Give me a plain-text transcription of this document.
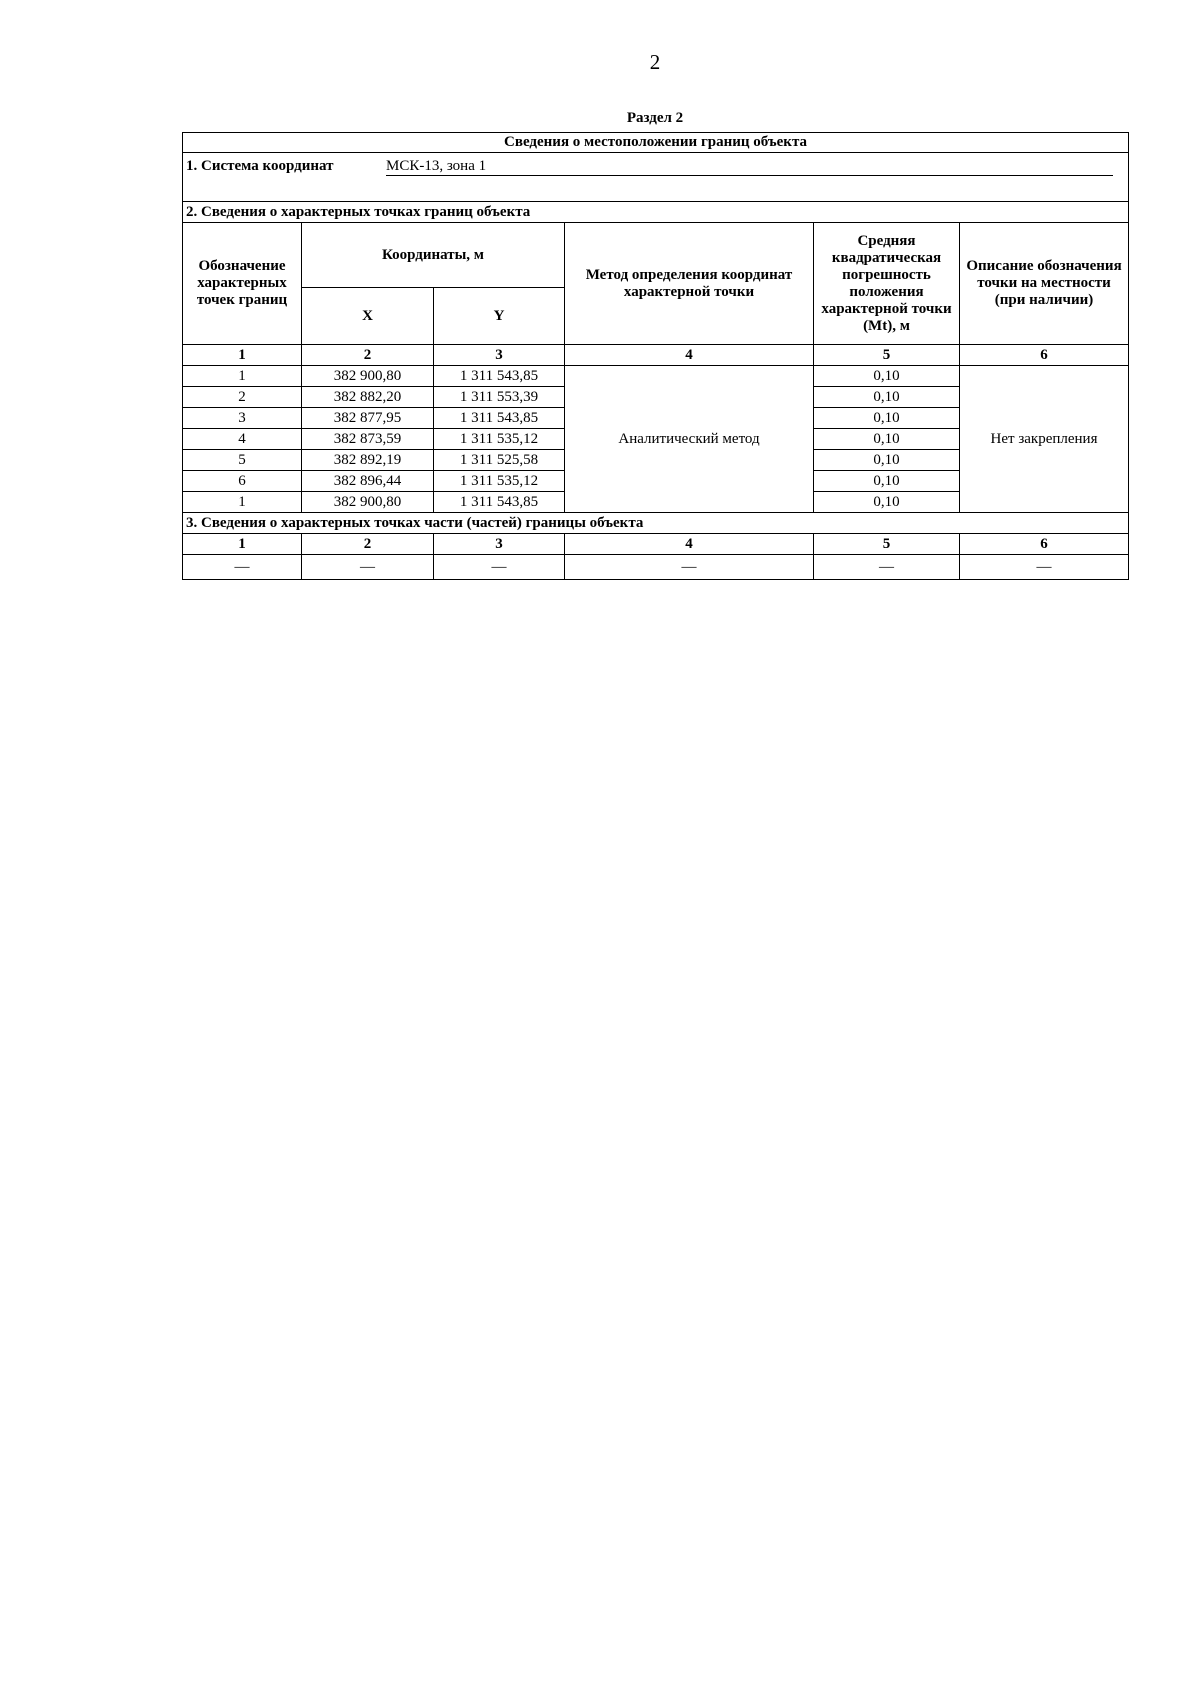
2
Раздел 2
Сведения о местоположении границ объекта					
1. Система координат МСК-13, зона 1					

2. Сведения о характерных точках границ объекта					
Обозначение характерных точек границ	Координаты, м		Метод определения координат характерной точки	Средняя квадратическая погрешность положения характерной точки (Mt), м	Описание обозначения точки на местности (при наличии)
	X	Y			
1	2	3	4	5	6
1	382 900,80	1 311 543,85	Аналитический метод	0,10	Нет закрепления
2	382 882,20	1 311 553,39		0,10	
3	382 877,95	1 311 543,85		0,10	
4	382 873,59	1 311 535,12		0,10	
5	382 892,19	1 311 525,58		0,10	
6	382 896,44	1 311 535,12		0,10	
1	382 900,80	1 311 543,85		0,10	
3. Сведения о характерных точках части (частей) границы объекта					
1	2	3	4	5	6
—	—	—	—	—	—
